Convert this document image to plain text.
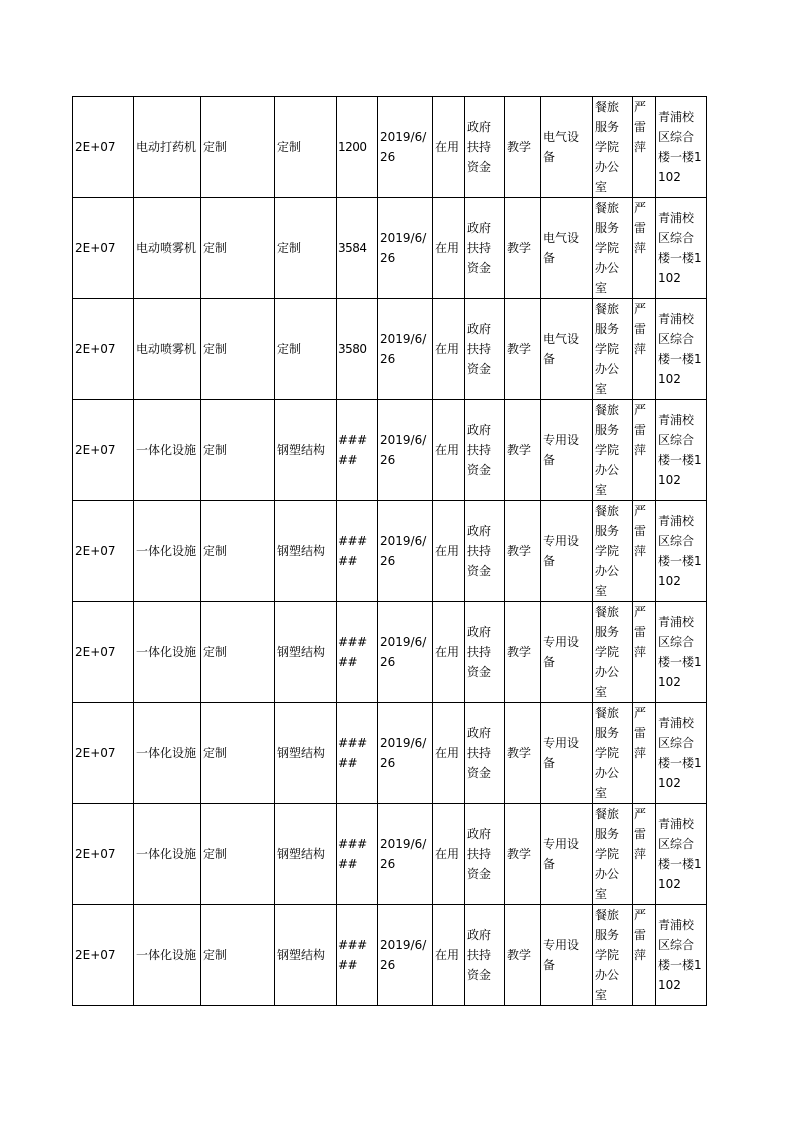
2E+07	电动打药机	定制	定制	1200	2019/6/26	在用	政府扶持资金	教学	电气设备	餐旅服务学院办公室	严雷萍	青浦校区综合楼一楼1102
2E+07	电动喷雾机	定制	定制	3584	2019/6/26	在用	政府扶持资金	教学	电气设备	餐旅服务学院办公室	严雷萍	青浦校区综合楼一楼1102
2E+07	电动喷雾机	定制	定制	3580	2019/6/26	在用	政府扶持资金	教学	电气设备	餐旅服务学院办公室	严雷萍	青浦校区综合楼一楼1102
2E+07	一体化设施	定制	钢塑结构	#####	2019/6/26	在用	政府扶持资金	教学	专用设备	餐旅服务学院办公室	严雷萍	青浦校区综合楼一楼1102
2E+07	一体化设施	定制	钢塑结构	#####	2019/6/26	在用	政府扶持资金	教学	专用设备	餐旅服务学院办公室	严雷萍	青浦校区综合楼一楼1102
2E+07	一体化设施	定制	钢塑结构	#####	2019/6/26	在用	政府扶持资金	教学	专用设备	餐旅服务学院办公室	严雷萍	青浦校区综合楼一楼1102
2E+07	一体化设施	定制	钢塑结构	#####	2019/6/26	在用	政府扶持资金	教学	专用设备	餐旅服务学院办公室	严雷萍	青浦校区综合楼一楼1102
2E+07	一体化设施	定制	钢塑结构	#####	2019/6/26	在用	政府扶持资金	教学	专用设备	餐旅服务学院办公室	严雷萍	青浦校区综合楼一楼1102
2E+07	一体化设施	定制	钢塑结构	#####	2019/6/26	在用	政府扶持资金	教学	专用设备	餐旅服务学院办公室	严雷萍	青浦校区综合楼一楼1102
